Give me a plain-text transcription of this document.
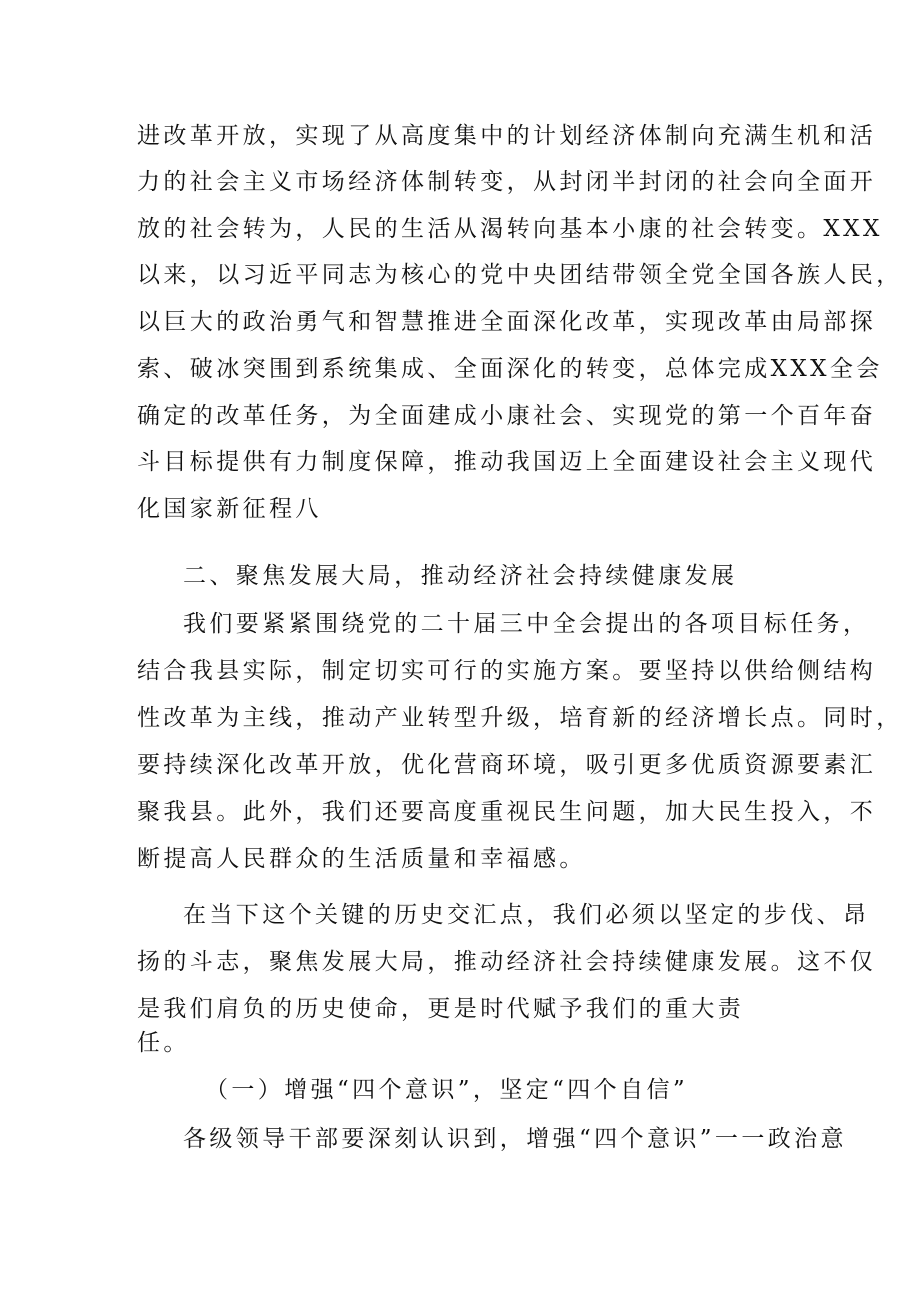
进改革开放，实现了从高度集中的计划经济体制向充满生机和活
力的社会主义市场经济体制转变，从封闭半封闭的社会向全面开
放的社会转为，人民的生活从渴转向基本小康的社会转变。XXX
以来，以习近平同志为核心的党中央团结带领全党全国各族人民，
以巨大的政治勇气和智慧推进全面深化改革，实现改革由局部探
索、破冰突围到系统集成、全面深化的转变，总体完成XXX全会
确定的改革任务，为全面建成小康社会、实现党的第一个百年奋
斗目标提供有力制度保障，推动我国迈上全面建设社会主义现代
化国家新征程八
二、聚焦发展大局，推动经济社会持续健康发展
我们要紧紧围绕党的二十届三中全会提出的各项目标任务，
结合我县实际，制定切实可行的实施方案。要坚持以供给侧结构
性改革为主线，推动产业转型升级，培育新的经济增长点。同时，
要持续深化改革开放，优化营商环境，吸引更多优质资源要素汇
聚我县。此外，我们还要高度重视民生问题，加大民生投入，不
断提高人民群众的生活质量和幸福感。
在当下这个关键的历史交汇点，我们必须以坚定的步伐、昂
扬的斗志，聚焦发展大局，推动经济社会持续健康发展。这不仅
是我们肩负的历史使命，更是时代赋予我们的重大责
任。
（一）增强“四个意识”，坚定“四个自信”
各级领导干部要深刻认识到，增强“四个意识”一一政治意
